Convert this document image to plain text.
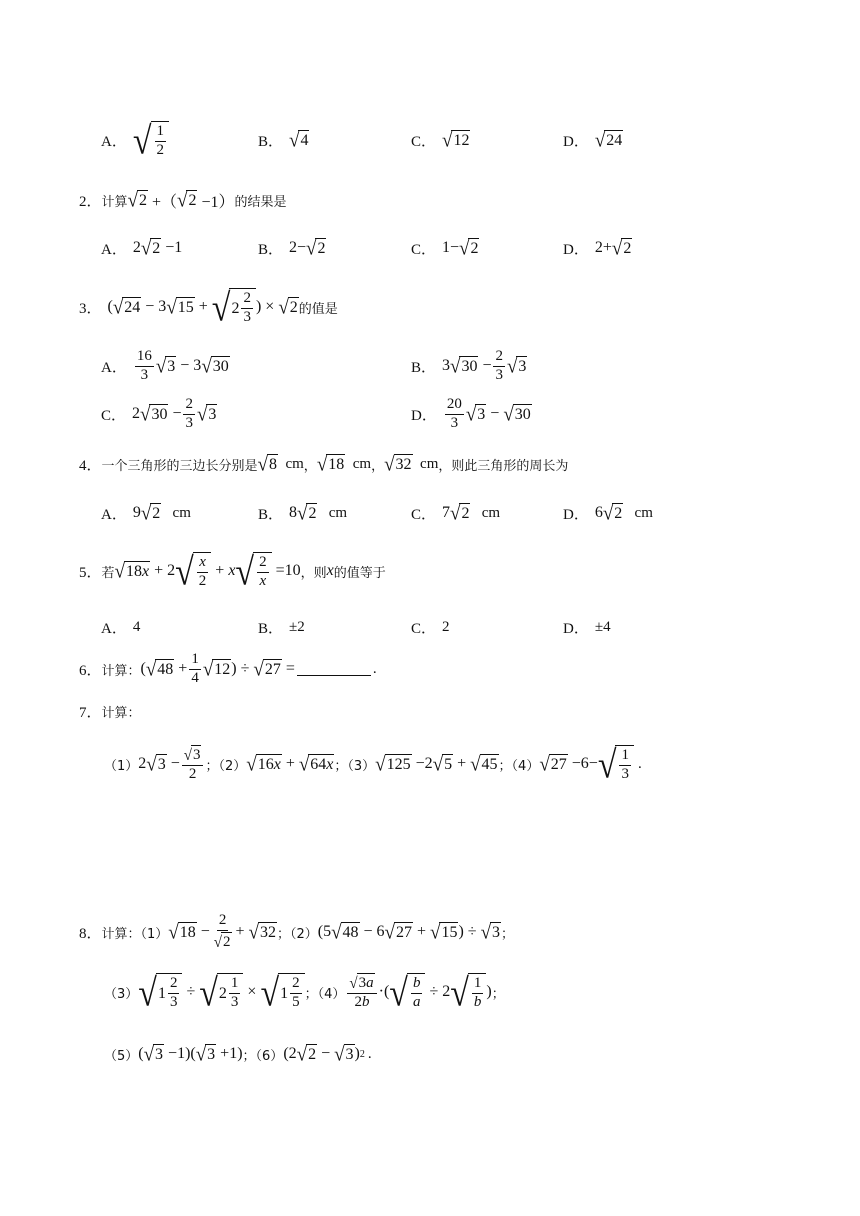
A． √ $\frac{1}{2}$	B． √ 4	C． √ 12	D． √ 24
2． 计算 √ 2 +（ √ 2 −1） 的结果是
A． 2 √ 2 −1	B． 2− √ 2	C． 1− √ 2	D． 2+ √ 2
3． ( √ 24 − 3 √ 15 + √ $2 \frac{2}{3}$ ) × √ 2 的值是
A． $\frac{16}{3}$ √ 3 − 3 √ 30	B． 3 √ $30 - \frac{2}{3}$ √ 3
C． 2 √ $30 - \frac{2}{3}$ √ 3	D． $\frac{20}{3}$ √ 3 − √ 30
4． 一个三角形的三边长分别是 √ 8
cm ， √ 18
cm ， √ 32
cm ，则此三角形的周长为
A． 9 √ 2
cm	B． 8 √ 2
cm	C． 7 √ 2
cm	D． 6 √ 2
cm
5． 若 √ 18 x + 2 √ $\frac{x}{2} + x$ √ $\frac{2}{x} =10$ ，则 x 的值等于
A． 4	B． ±2	C． 2	D． ±4
6． 计算： ( √ $48 + \frac{1}{4}$ √ 12 ) ÷ √ 27 =	.
7． 计算：
（1） 2 √ $3 - \frac{√ 3}{2}$ ；（2） √ 16 x + √ 64 x ；（3） √ 125 −2 √ 5 + √ 45 ；（4） √ 27 −6− √ $\frac{1}{3}$ .
8． 计算：（1） √ $18 - \frac{2}{√ 2}$ + √ 32 ；（2） (5 √ 48 − 6 √ 27 + √ 15 ) ÷ √ 3 ；
（3） √ $1 \frac{2}{3}$ ÷ √ $2 \frac{1}{3}$ × √ $1 \frac{2}{5}$ ；$(4) \frac{√ 3 a}{2b}$ ·( √ $\frac{b}{a} \div 2$ √ $\frac{1}{b}$ ) ；
（5） ( √ 3 −1)( √ 3 +1) ；（6） (2 √ 2 − √ 3 ) 2 .
